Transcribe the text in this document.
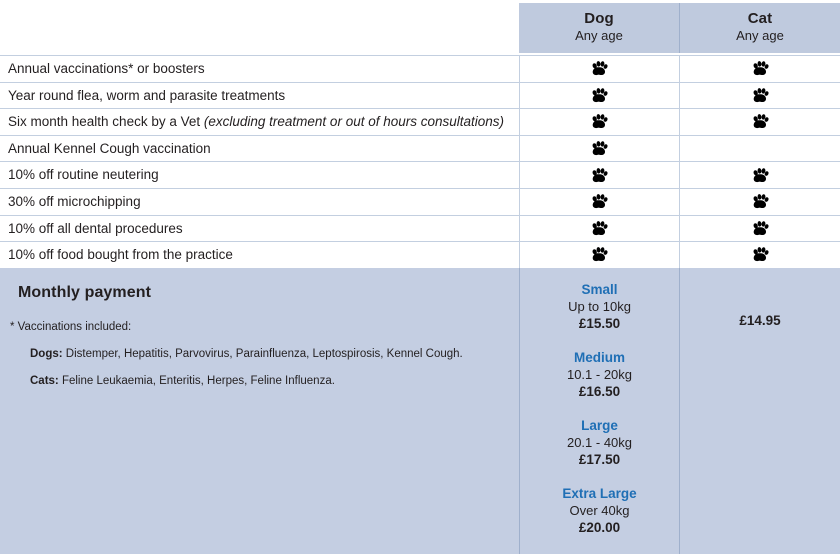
Dog
Any age
Cat
Any age
Annual vaccinations* or boosters
Year round flea, worm and parasite treatments
Six month health check by a Vet (excluding treatment or out of hours consultations)
Annual Kennel Cough vaccination
10% off routine neutering
30% off microchipping
10% off all dental procedures
10% off food bought from the practice
Monthly payment
* Vaccinations included:
Dogs: Distemper, Hepatitis, Parvovirus, Parainfluenza, Leptospirosis, Kennel Cough.
Cats: Feline Leukaemia, Enteritis, Herpes, Feline Influenza.
Small
Up to 10kg
£15.50
Medium
10.1 - 20kg
£16.50
Large
20.1 - 40kg
£17.50
Extra Large
Over 40kg
£20.00
£14.95
